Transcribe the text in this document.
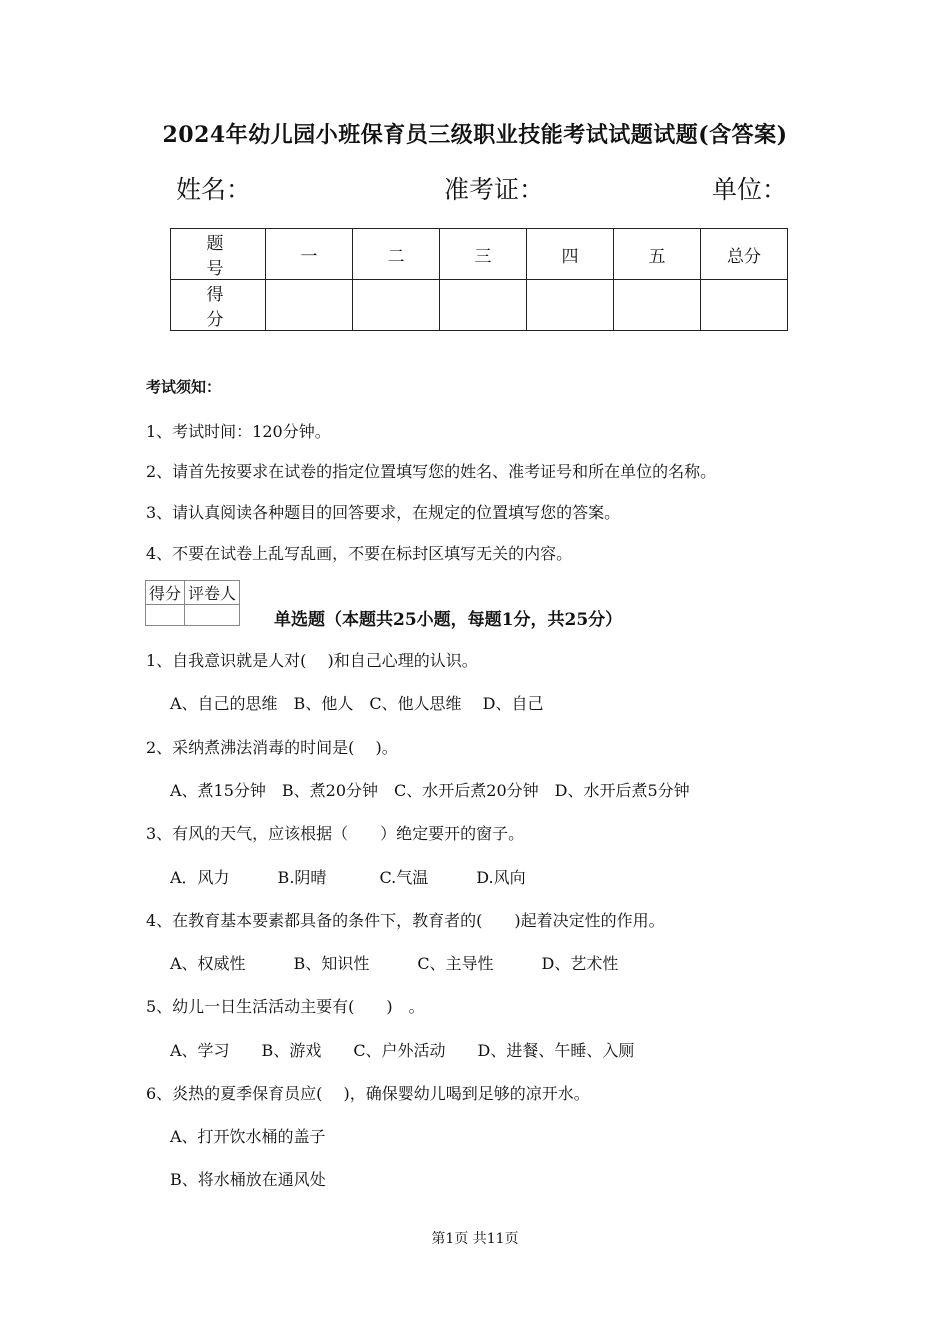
2024年幼儿园小班保育员三级职业技能考试试题试题(含答案)
姓名：	准考证：	单位：
题　号	一	二	三	四	五	总分
得　分						
考试须知：
1、考试时间：120分钟。
2、请首先按要求在试卷的指定位置填写您的姓名、准考证号和所在单位的名称。
3、请认真阅读各种题目的回答要求，在规定的位置填写您的答案。
4、不要在试卷上乱写乱画，不要在标封区填写无关的内容。
得分	评卷人

单选题（本题共25小题，每题1分，共25分）
1、自我意识就是人对(　 )和自己心理的认识。
A、自己的思维　B、他人　C、他人思维　 D、自己
2、采纳煮沸法消毒的时间是(　 )。
A、煮15分钟　B、煮20分钟　C、水开后煮20分钟　D、水开后煮5分钟
3、有风的天气，应该根据（　　）绝定要开的窗子。
A．风力　　　B.阴晴　　　 C.气温　　　D.风向
4、在教育基本要素都具备的条件下，教育者的(　　)起着决定性的作用。
A、权威性　　　B、知识性　　　C、主导性　　　D、艺术性
5、幼儿一日生活活动主要有(　　)　。
A、学习　　B、游戏　　C、户外活动　　D、进餐、午睡、入厕
6、炎热的夏季保育员应(　 )，确保婴幼儿喝到足够的凉开水。
A、打开饮水桶的盖子
B、将水桶放在通风处
第1页 共11页
